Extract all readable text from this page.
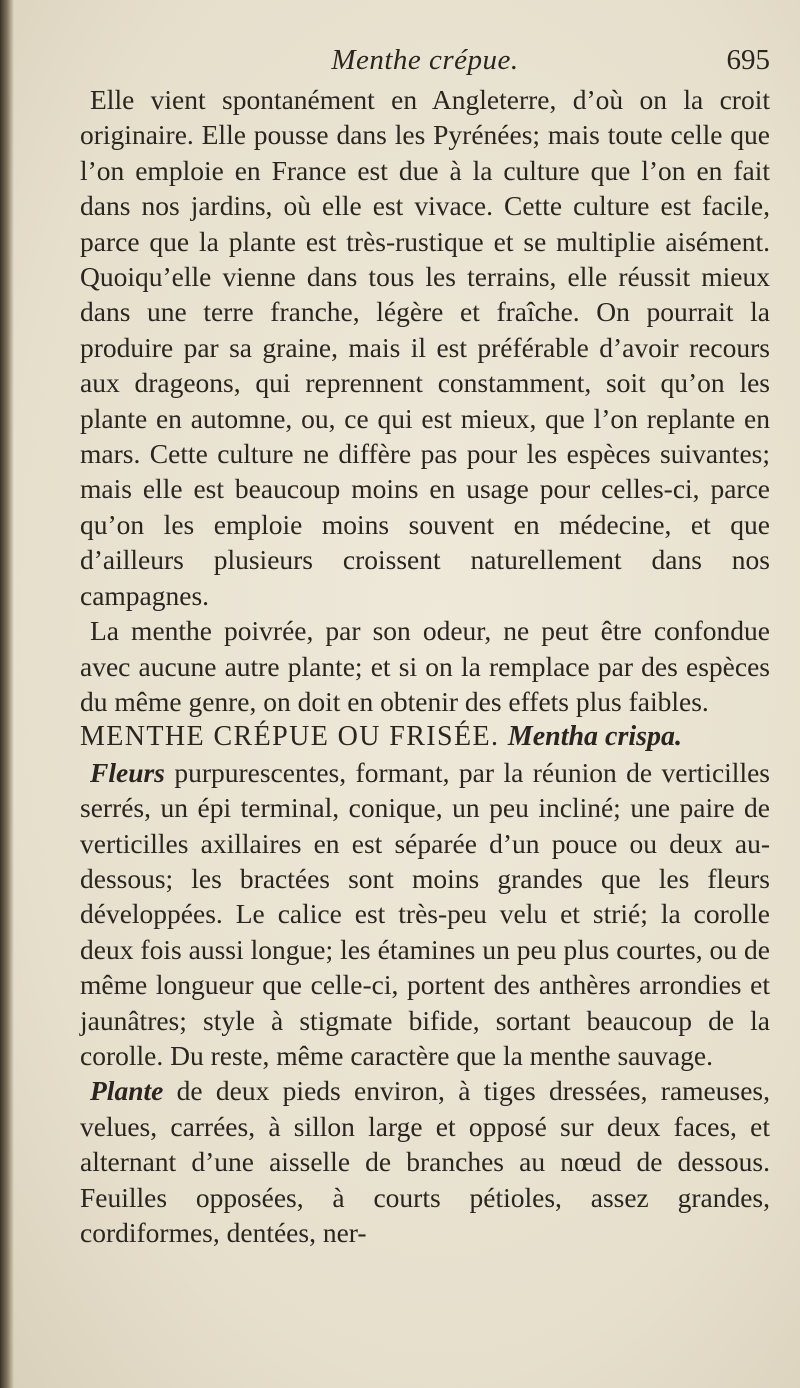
Menthe crépue.	695

Elle vient spontanément en Angleterre, d’où on la croit originaire. Elle pousse dans les Pyrénées; mais toute celle que l’on emploie en France est due à la culture que l’on en fait dans nos jardins, où elle est vivace. Cette culture est facile, parce que la plante est très-rustique et se multiplie aisément. Quoiqu’elle vienne dans tous les terrains, elle réussit mieux dans une terre franche, légère et fraîche. On pourrait la produire par sa graine, mais il est préférable d’avoir recours aux drageons, qui reprennent constamment, soit qu’on les plante en automne, ou, ce qui est mieux, que l’on replante en mars. Cette culture ne diffère pas pour les espèces suivantes; mais elle est beaucoup moins en usage pour celles-ci, parce qu’on les emploie moins souvent en médecine, et que d’ailleurs plusieurs croissent naturellement dans nos campagnes.

La menthe poivrée, par son odeur, ne peut être confondue avec aucune autre plante; et si on la remplace par des espèces du même genre, on doit en obtenir des effets plus faibles.

MENTHE CRÉPUE OU FRISÉE. Mentha crispa.

Fleurs purpurescentes, formant, par la réunion de verticilles serrés, un épi terminal, conique, un peu incliné; une paire de verticilles axillaires en est séparée d’un pouce ou deux au-dessous; les bractées sont moins grandes que les fleurs développées. Le calice est très-peu velu et strié; la corolle deux fois aussi longue; les étamines un peu plus courtes, ou de même longueur que celle-ci, portent des anthères arrondies et jaunâtres; style à stigmate bifide, sortant beaucoup de la corolle. Du reste, même caractère que la menthe sauvage.

Plante de deux pieds environ, à tiges dressées, rameuses, velues, carrées, à sillon large et opposé sur deux faces, et alternant d’une aisselle de branches au nœud de dessous. Feuilles opposées, à courts pétioles, assez grandes, cordiformes, dentées, ner-
